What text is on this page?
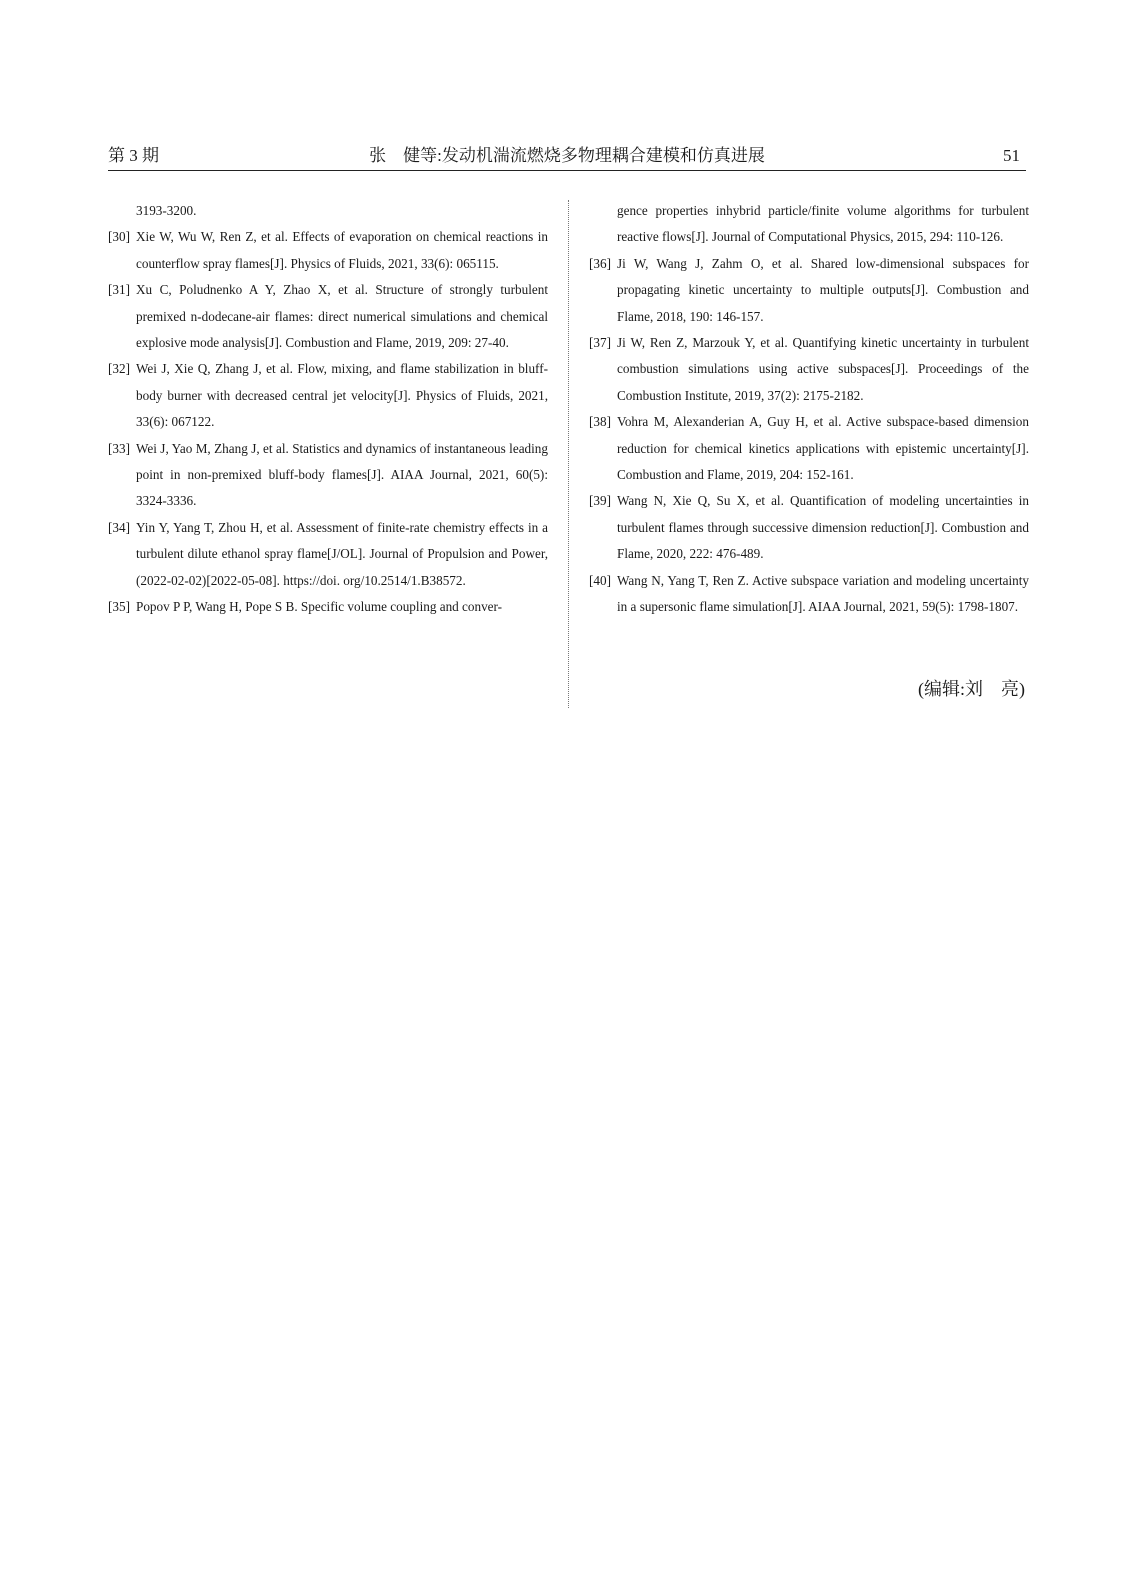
第 3 期	张　健等:发动机湍流燃烧多物理耦合建模和仿真进展	51
3193-3200.
[30] Xie W, Wu W, Ren Z, et al. Effects of evaporation on chemical reactions in counterflow spray flames[J]. Physics of Fluids, 2021, 33(6): 065115.
[31] Xu C, Poludnenko A Y, Zhao X, et al. Structure of strongly turbulent premixed n-dodecane-air flames: direct numerical simulations and chemical explosive mode analysis[J]. Combustion and Flame, 2019, 209: 27-40.
[32] Wei J, Xie Q, Zhang J, et al. Flow, mixing, and flame stabilization in bluff-body burner with decreased central jet velocity[J]. Physics of Fluids, 2021, 33(6): 067122.
[33] Wei J, Yao M, Zhang J, et al. Statistics and dynamics of instantaneous leading point in non-premixed bluff-body flames[J]. AIAA Journal, 2021, 60(5): 3324-3336.
[34] Yin Y, Yang T, Zhou H, et al. Assessment of finite-rate chemistry effects in a turbulent dilute ethanol spray flame[J/OL]. Journal of Propulsion and Power, (2022-02-02)[2022-05-08]. https://doi. org/10.2514/1.B38572.
[35] Popov P P, Wang H, Pope S B. Specific volume coupling and conver-
gence properties inhybrid particle/finite volume algorithms for turbulent reactive flows[J]. Journal of Computational Physics, 2015, 294: 110-126.
[36] Ji W, Wang J, Zahm O, et al. Shared low-dimensional subspaces for propagating kinetic uncertainty to multiple outputs[J]. Combustion and Flame, 2018, 190: 146-157.
[37] Ji W, Ren Z, Marzouk Y, et al. Quantifying kinetic uncertainty in turbulent combustion simulations using active subspaces[J]. Proceedings of the Combustion Institute, 2019, 37(2): 2175-2182.
[38] Vohra M, Alexanderian A, Guy H, et al. Active subspace-based dimension reduction for chemical kinetics applications with epistemic uncertainty[J]. Combustion and Flame, 2019, 204: 152-161.
[39] Wang N, Xie Q, Su X, et al. Quantification of modeling uncertainties in turbulent flames through successive dimension reduction[J]. Combustion and Flame, 2020, 222: 476-489.
[40] Wang N, Yang T, Ren Z. Active subspace variation and modeling uncertainty in a supersonic flame simulation[J]. AIAA Journal, 2021, 59(5): 1798-1807.
(编辑:刘　亮)
